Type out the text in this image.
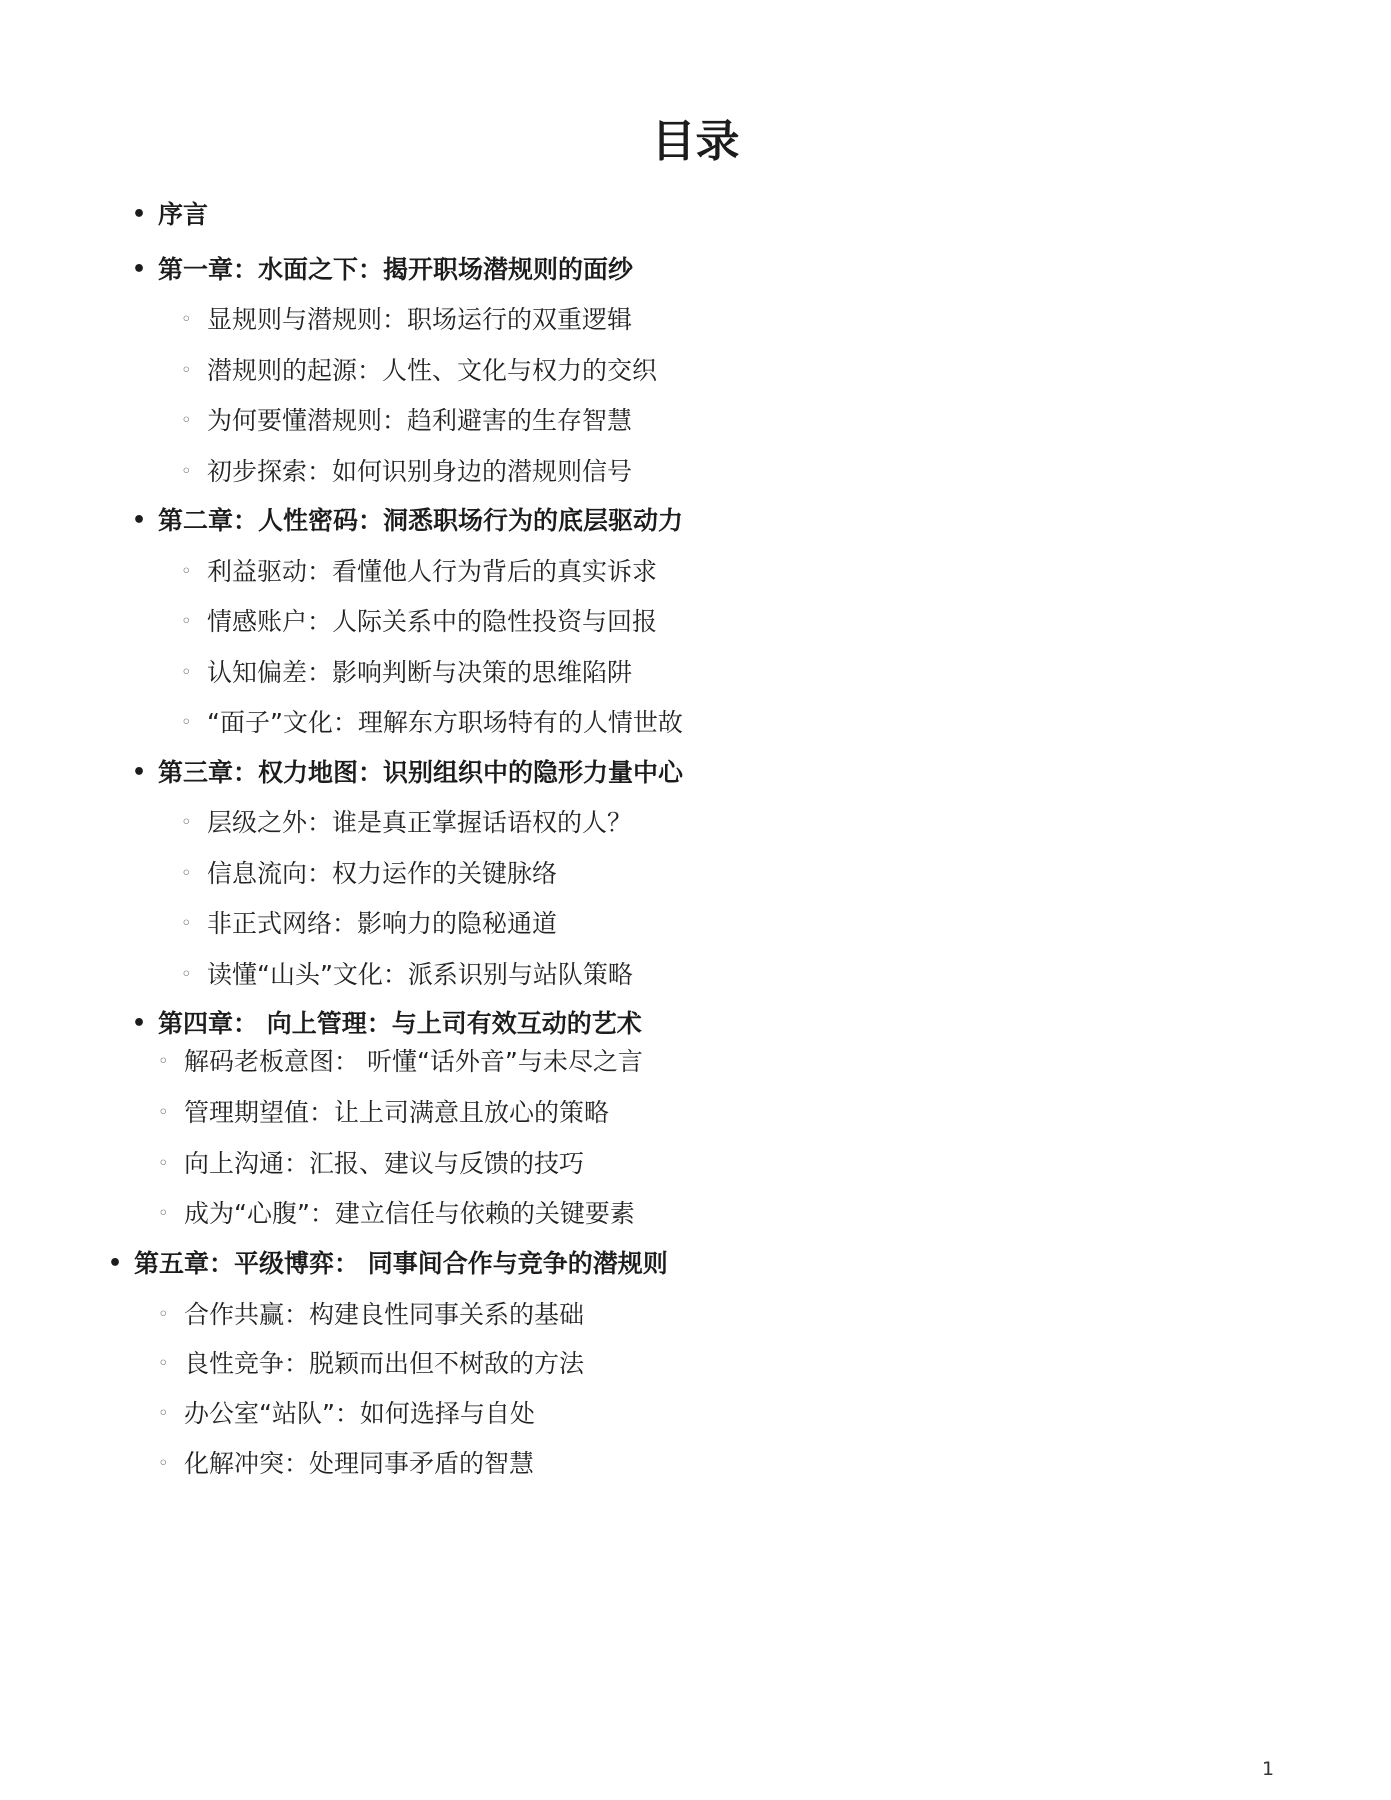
目录
• 序言
• 第一章：水面之下：揭开职场潜规则的面纱
◦ 显规则与潜规则：职场运行的双重逻辑
◦ 潜规则的起源：人性、文化与权力的交织
◦ 为何要懂潜规则：趋利避害的生存智慧
◦ 初步探索：如何识别身边的潜规则信号
• 第二章：人性密码：洞悉职场行为的底层驱动力
◦ 利益驱动：看懂他人行为背后的真实诉求
◦ 情感账户：人际关系中的隐性投资与回报
◦ 认知偏差：影响判断与决策的思维陷阱
◦ “面子”文化：理解东方职场特有的人情世故
• 第三章：权力地图：识别组织中的隐形力量中心
◦ 层级之外：谁是真正掌握话语权的人？
◦ 信息流向：权力运作的关键脉络
◦ 非正式网络：影响力的隐秘通道
◦ 读懂“山头”文化：派系识别与站队策略
• 第四章： 向上管理：与上司有效互动的艺术
◦ 解码老板意图： 听懂“话外音”与未尽之言
◦ 管理期望值：让上司满意且放心的策略
◦ 向上沟通：汇报、建议与反馈的技巧
◦ 成为“心腹”：建立信任与依赖的关键要素
• 第五章：平级博弈： 同事间合作与竞争的潜规则
◦ 合作共赢：构建良性同事关系的基础
◦ 良性竞争：脱颖而出但不树敌的方法
◦ 办公室“站队”：如何选择与自处
◦ 化解冲突：处理同事矛盾的智慧
1
